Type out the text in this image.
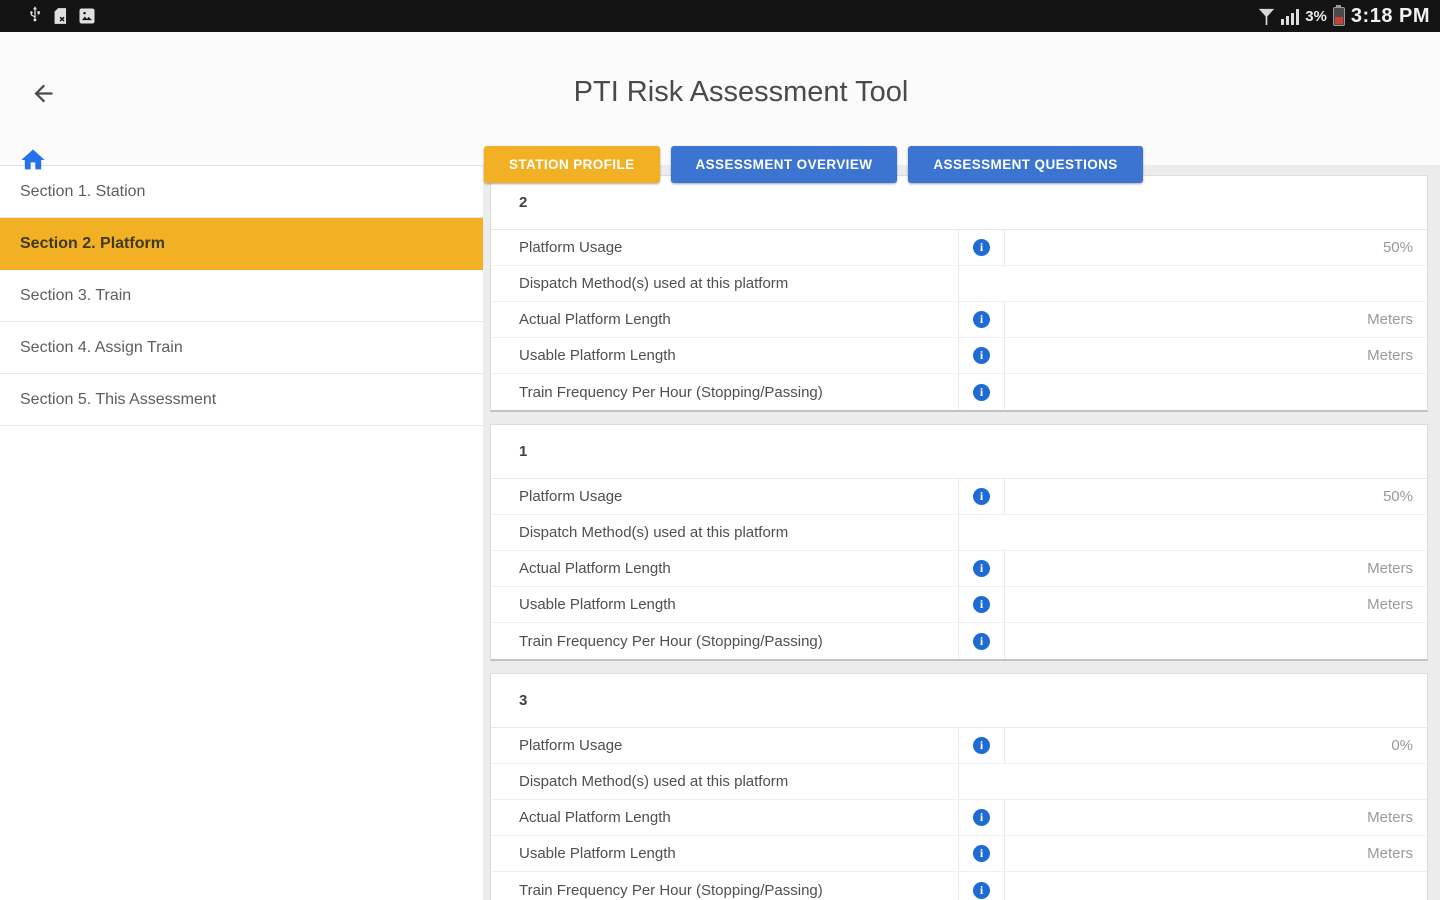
3% 3:18 PM
PTI Risk Assessment Tool
STATION PROFILE	ASSESSMENT OVERVIEW	ASSESSMENT QUESTIONS
Section 1. Station
Section 2. Platform
Section 3. Train
Section 4. Assign Train
Section 5. This Assessment
2
Platform Usage	i	50%
Dispatch Method(s) used at this platform
Actual Platform Length	i	Meters
Usable Platform Length	i	Meters
Train Frequency Per Hour (Stopping/Passing)	i
1
Platform Usage	i	50%
Dispatch Method(s) used at this platform
Actual Platform Length	i	Meters
Usable Platform Length	i	Meters
Train Frequency Per Hour (Stopping/Passing)	i
3
Platform Usage	i	0%
Dispatch Method(s) used at this platform
Actual Platform Length	i	Meters
Usable Platform Length	i	Meters
Train Frequency Per Hour (Stopping/Passing)	i
